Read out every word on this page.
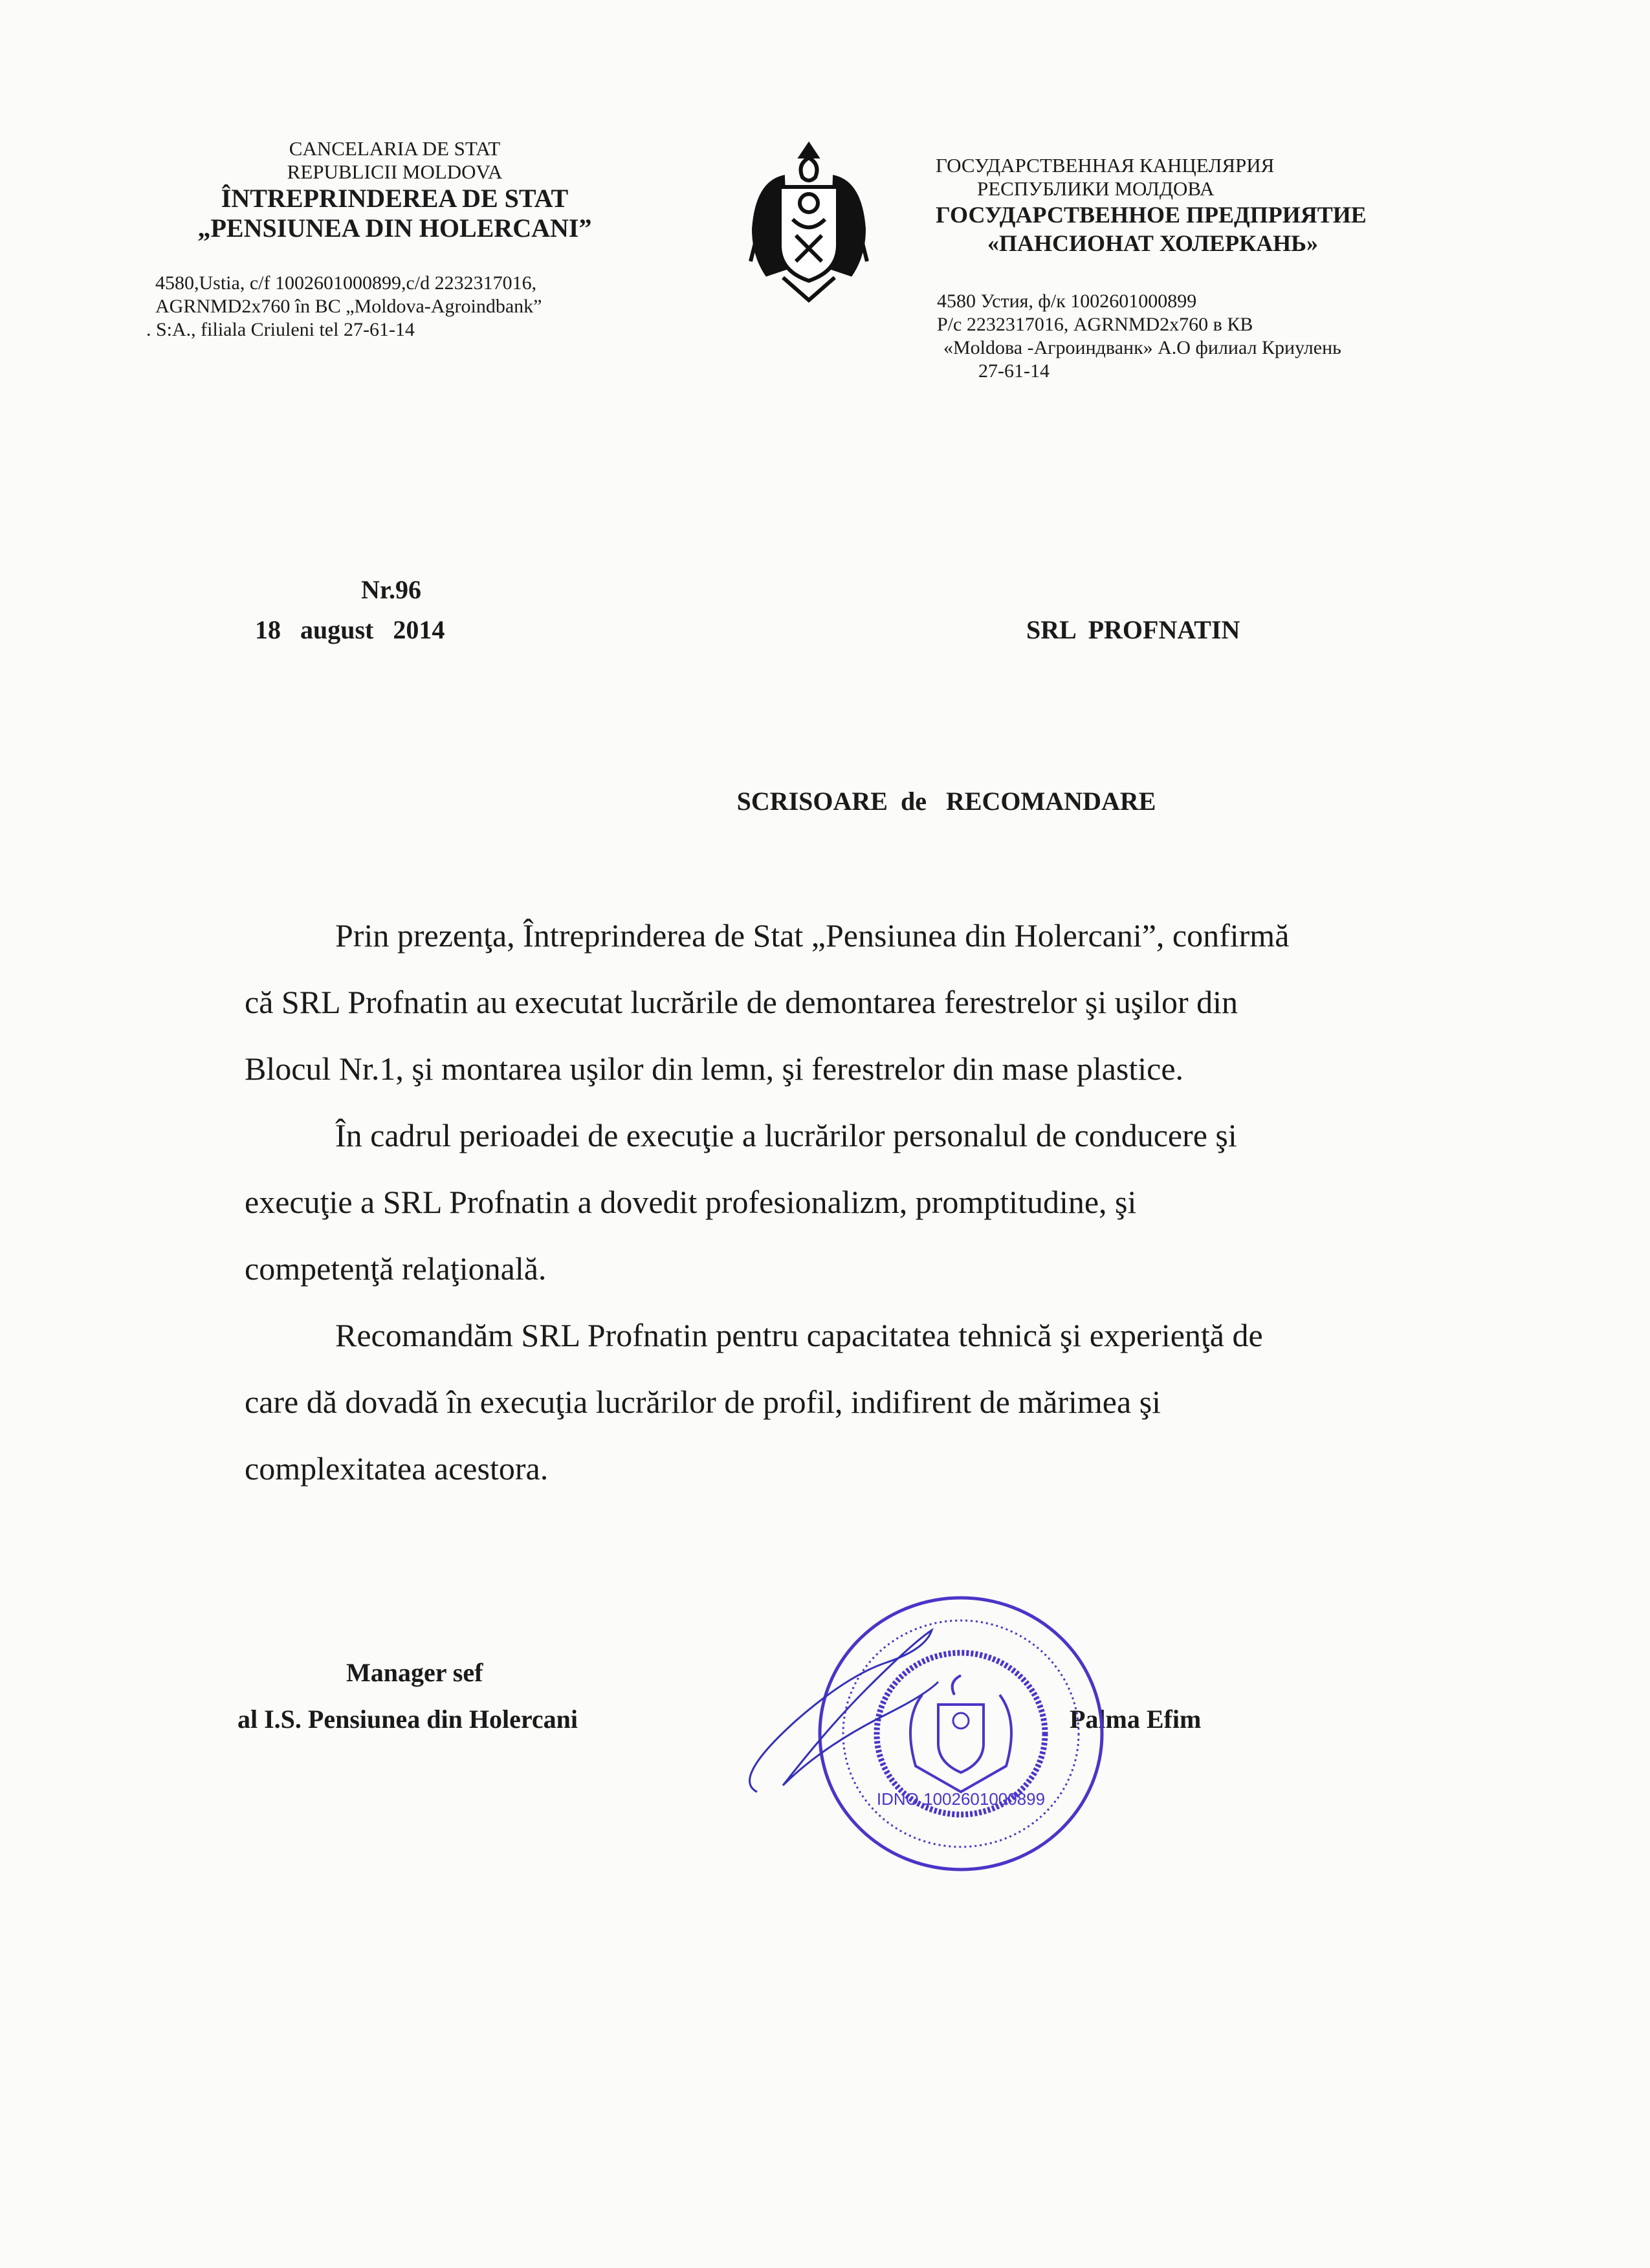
CANCELARIA DE STAT
REPUBLICII MOLDOVA
ÎNTREPRINDEREA DE STAT
„PENSIUNEA DIN HOLERCANI”
4580,Ustia, c/f 1002601000899,c/d 2232317016,
AGRNMD2x760 în BC „Moldova-Agroindbank”
. S:A., filiala Criuleni tel 27-61-14
ГОСУДАРСТВЕННАЯ КАНЦЕЛЯРИЯ
РЕСПУБЛИКИ МОЛДОВА
ГОСУДАРСТВЕННОЕ ПРЕДПРИЯТИЕ
«ПАНСИОНАТ ХОЛЕРКАНЬ»
4580 Устия, ф/к 1002601000899
Р/с 2232317016, AGRNMD2x760 в КВ
«Moldова -Агроиндванк» А.О филиал Криулень
27-61-14
Nr.96
18   august   2014	SRL  PROFNATIN
SCRISOARE  de   RECOMANDARE
Prin prezenţa, Întreprinderea de Stat „Pensiunea din Holercani”, confirmă
că SRL Profnatin au executat lucrările de demontarea ferestrelor şi uşilor din
Blocul Nr.1, şi montarea uşilor din lemn, şi ferestrelor din mase plastice.
În cadrul perioadei de execuţie a lucrărilor personalul de conducere şi
execuţie a SRL Profnatin a dovedit profesionalizm, promptitudine, şi
competenţă relaţională.
Recomandăm SRL Profnatin pentru capacitatea tehnică şi experienţă de
care dă dovadă în execuţia lucrărilor de profil, indifirent de mărimea şi
complexitatea acestora.
Manager sef
al I.S. Pensiunea din Holercani	Palma Efim
IDNO 1002601000899
